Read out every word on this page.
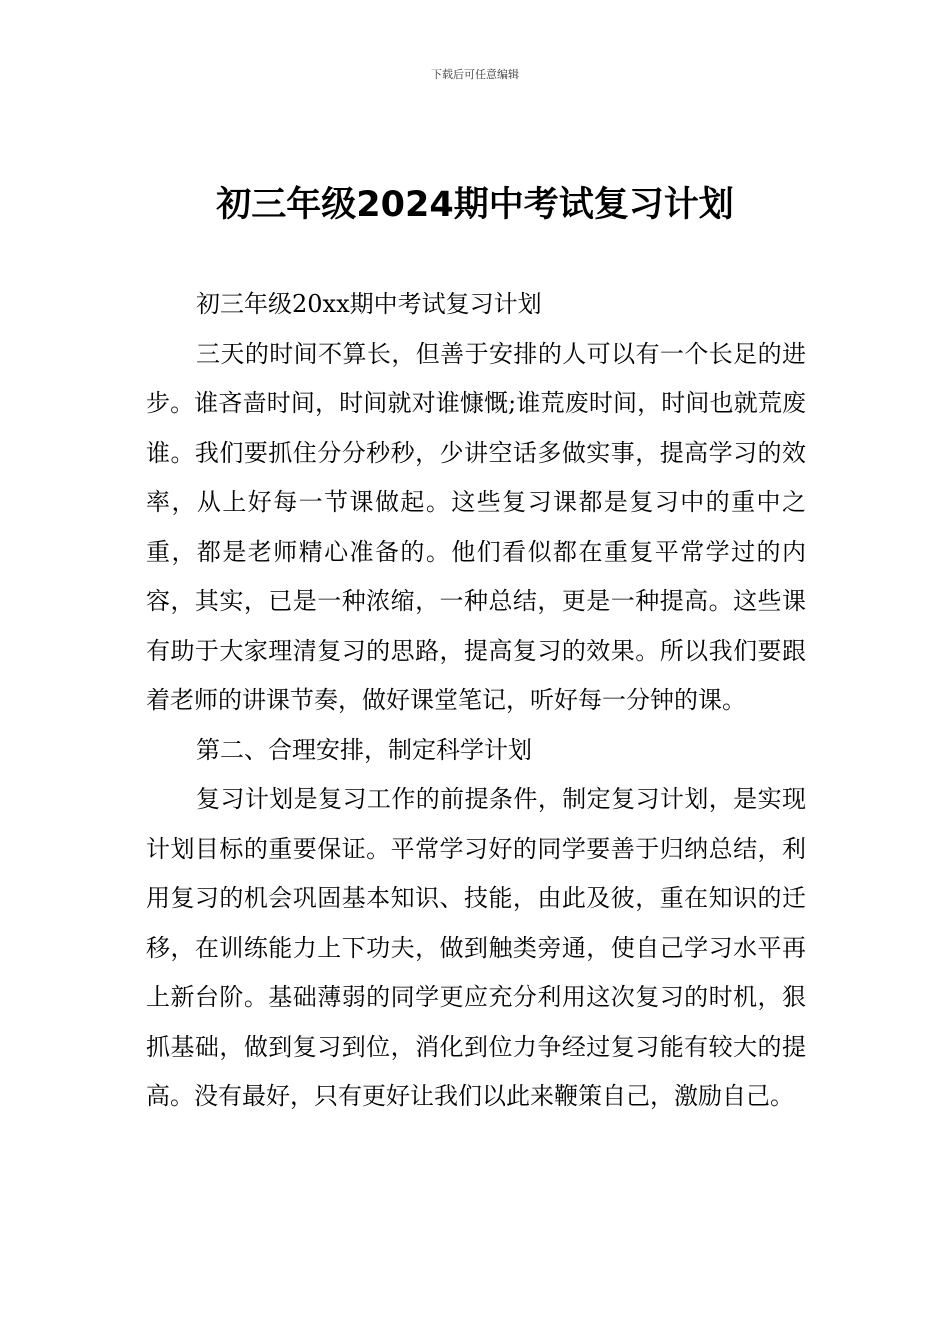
下载后可任意编辑
初三年级2024期中考试复习计划

初三年级20xx期中考试复习计划

三天的时间不算长，但善于安排的人可以有一个长足的进步。谁吝啬时间，时间就对谁慷慨;谁荒废时间，时间也就荒废谁。我们要抓住分分秒秒，少讲空话多做实事，提高学习的效率，从上好每一节课做起。这些复习课都是复习中的重中之重，都是老师精心准备的。他们看似都在重复平常学过的内容，其实，已是一种浓缩，一种总结，更是一种提高。这些课有助于大家理清复习的思路，提高复习的效果。所以我们要跟着老师的讲课节奏，做好课堂笔记，听好每一分钟的课。

第二、合理安排，制定科学计划

复习计划是复习工作的前提条件，制定复习计划，是实现计划目标的重要保证。平常学习好的同学要善于归纳总结，利用复习的机会巩固基本知识、技能，由此及彼，重在知识的迁移，在训练能力上下功夫，做到触类旁通，使自己学习水平再上新台阶。基础薄弱的同学更应充分利用这次复习的时机，狠抓基础，做到复习到位，消化到位力争经过复习能有较大的提高。没有最好，只有更好让我们以此来鞭策自己，激励自己。
